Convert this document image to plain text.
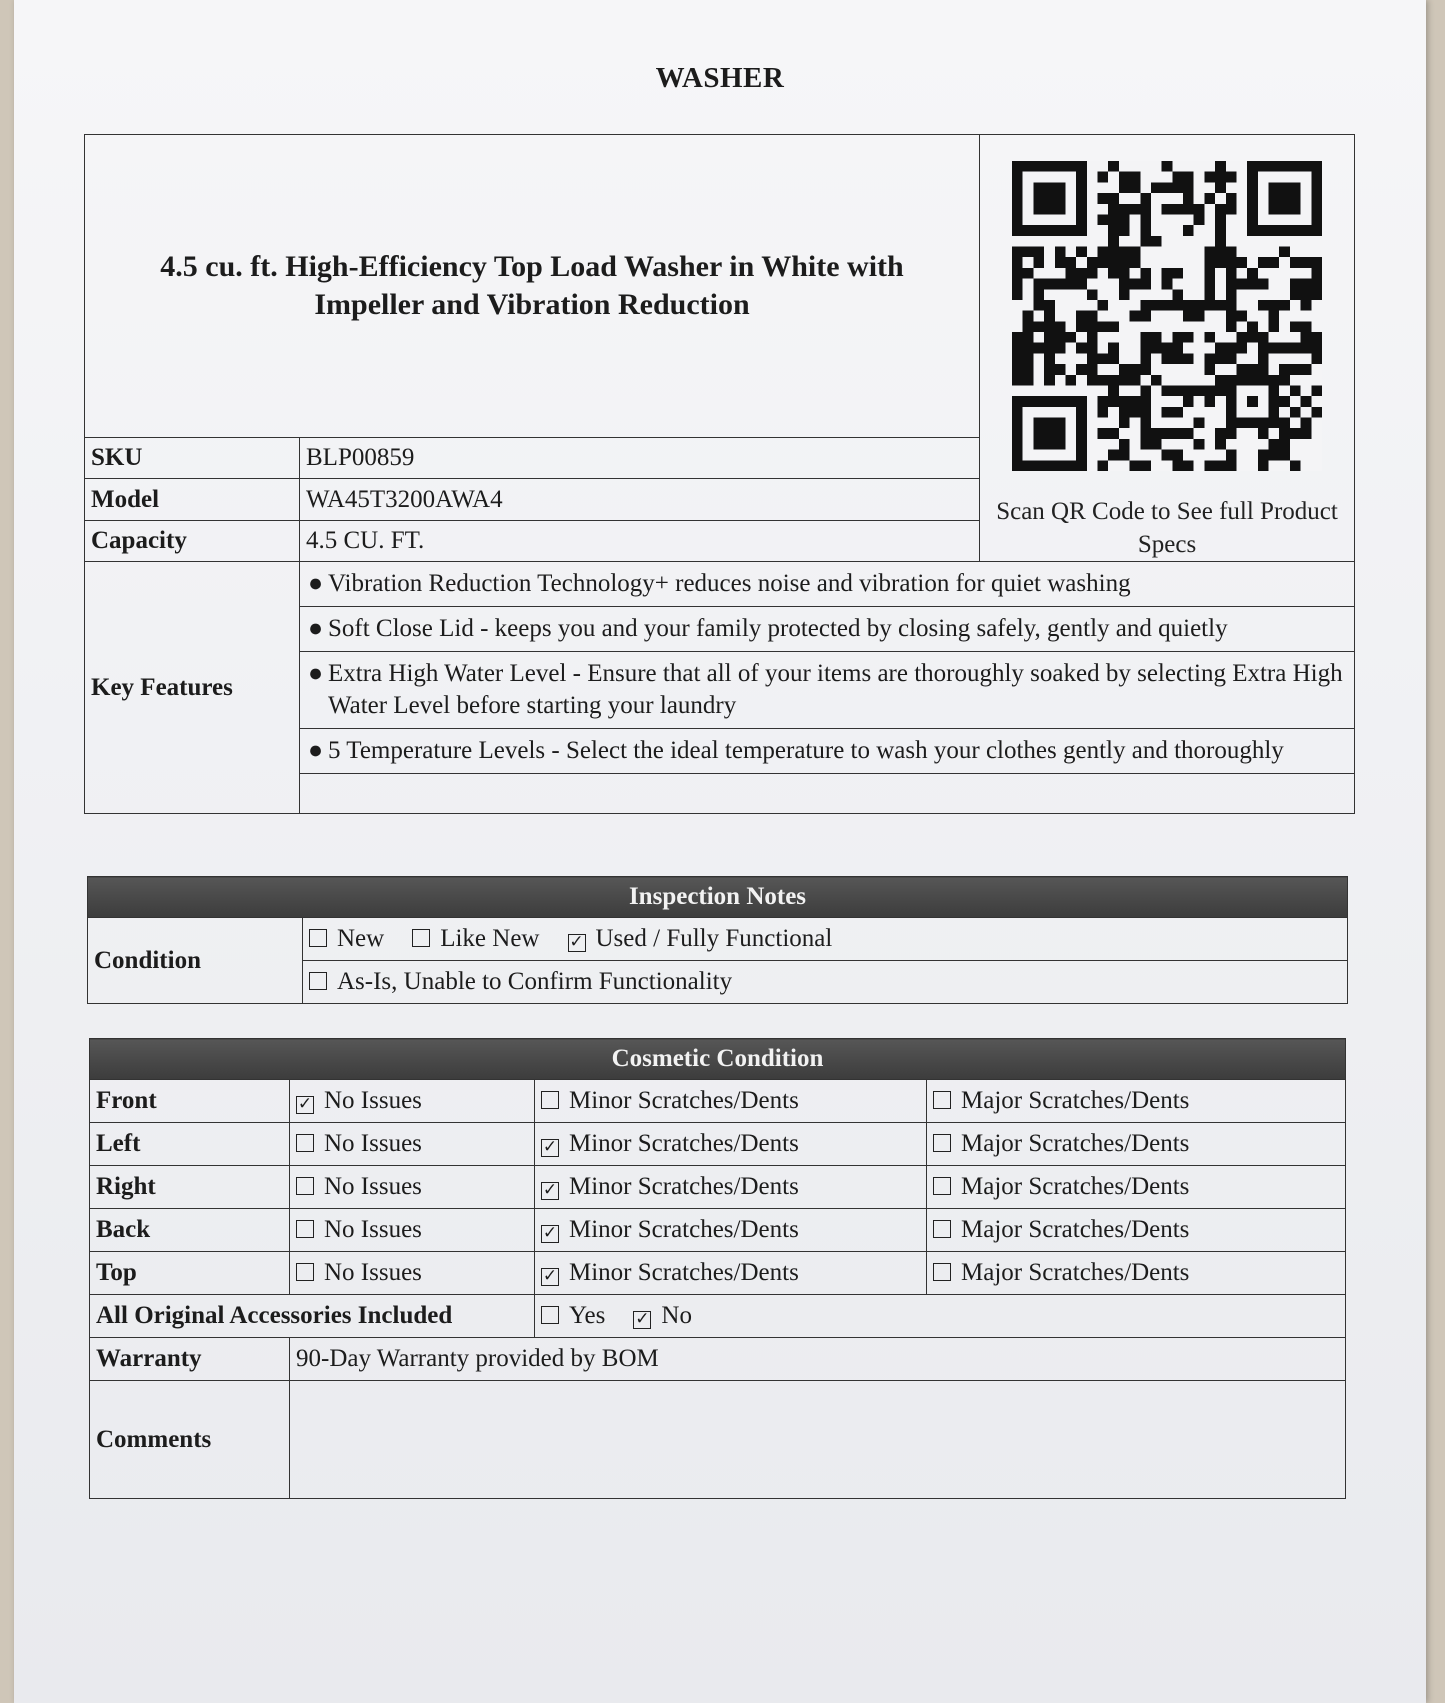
WASHER
4.5 cu. ft. High-Efficiency Top Load Washer in White with Impeller and Vibration Reduction		Scan QR Code to See full Product Specs

SKU	BLP00859	
Model	WA45T3200AWA4	
Capacity	4.5 CU. FT.	
Key Features	● Vibration Reduction Technology+ reduces noise and vibration for quiet washing	
	● Soft Close Lid - keeps you and your family protected by closing safely, gently and quietly	
	● Extra High Water Level - Ensure that all of your items are thoroughly soaked by selecting Extra High Water Level before starting your laundry	
	● 5 Temperature Levels - Select the ideal temperature to wash your clothes gently and thoroughly	

Inspection Notes
Condition	New Like New ✓ Used / Fully Functional
As-Is, Unable to Confirm Functionality
Cosmetic Condition			
Front	✓ No Issues	Minor Scratches/Dents	Major Scratches/Dents
Left	No Issues	✓ Minor Scratches/Dents	Major Scratches/Dents
Right	No Issues	✓ Minor Scratches/Dents	Major Scratches/Dents
Back	No Issues	✓ Minor Scratches/Dents	Major Scratches/Dents
Top	No Issues	✓ Minor Scratches/Dents	Major Scratches/Dents
All Original Accessories Included		Yes ✓ No	
Warranty	90-Day Warranty provided by BOM		
Comments			
